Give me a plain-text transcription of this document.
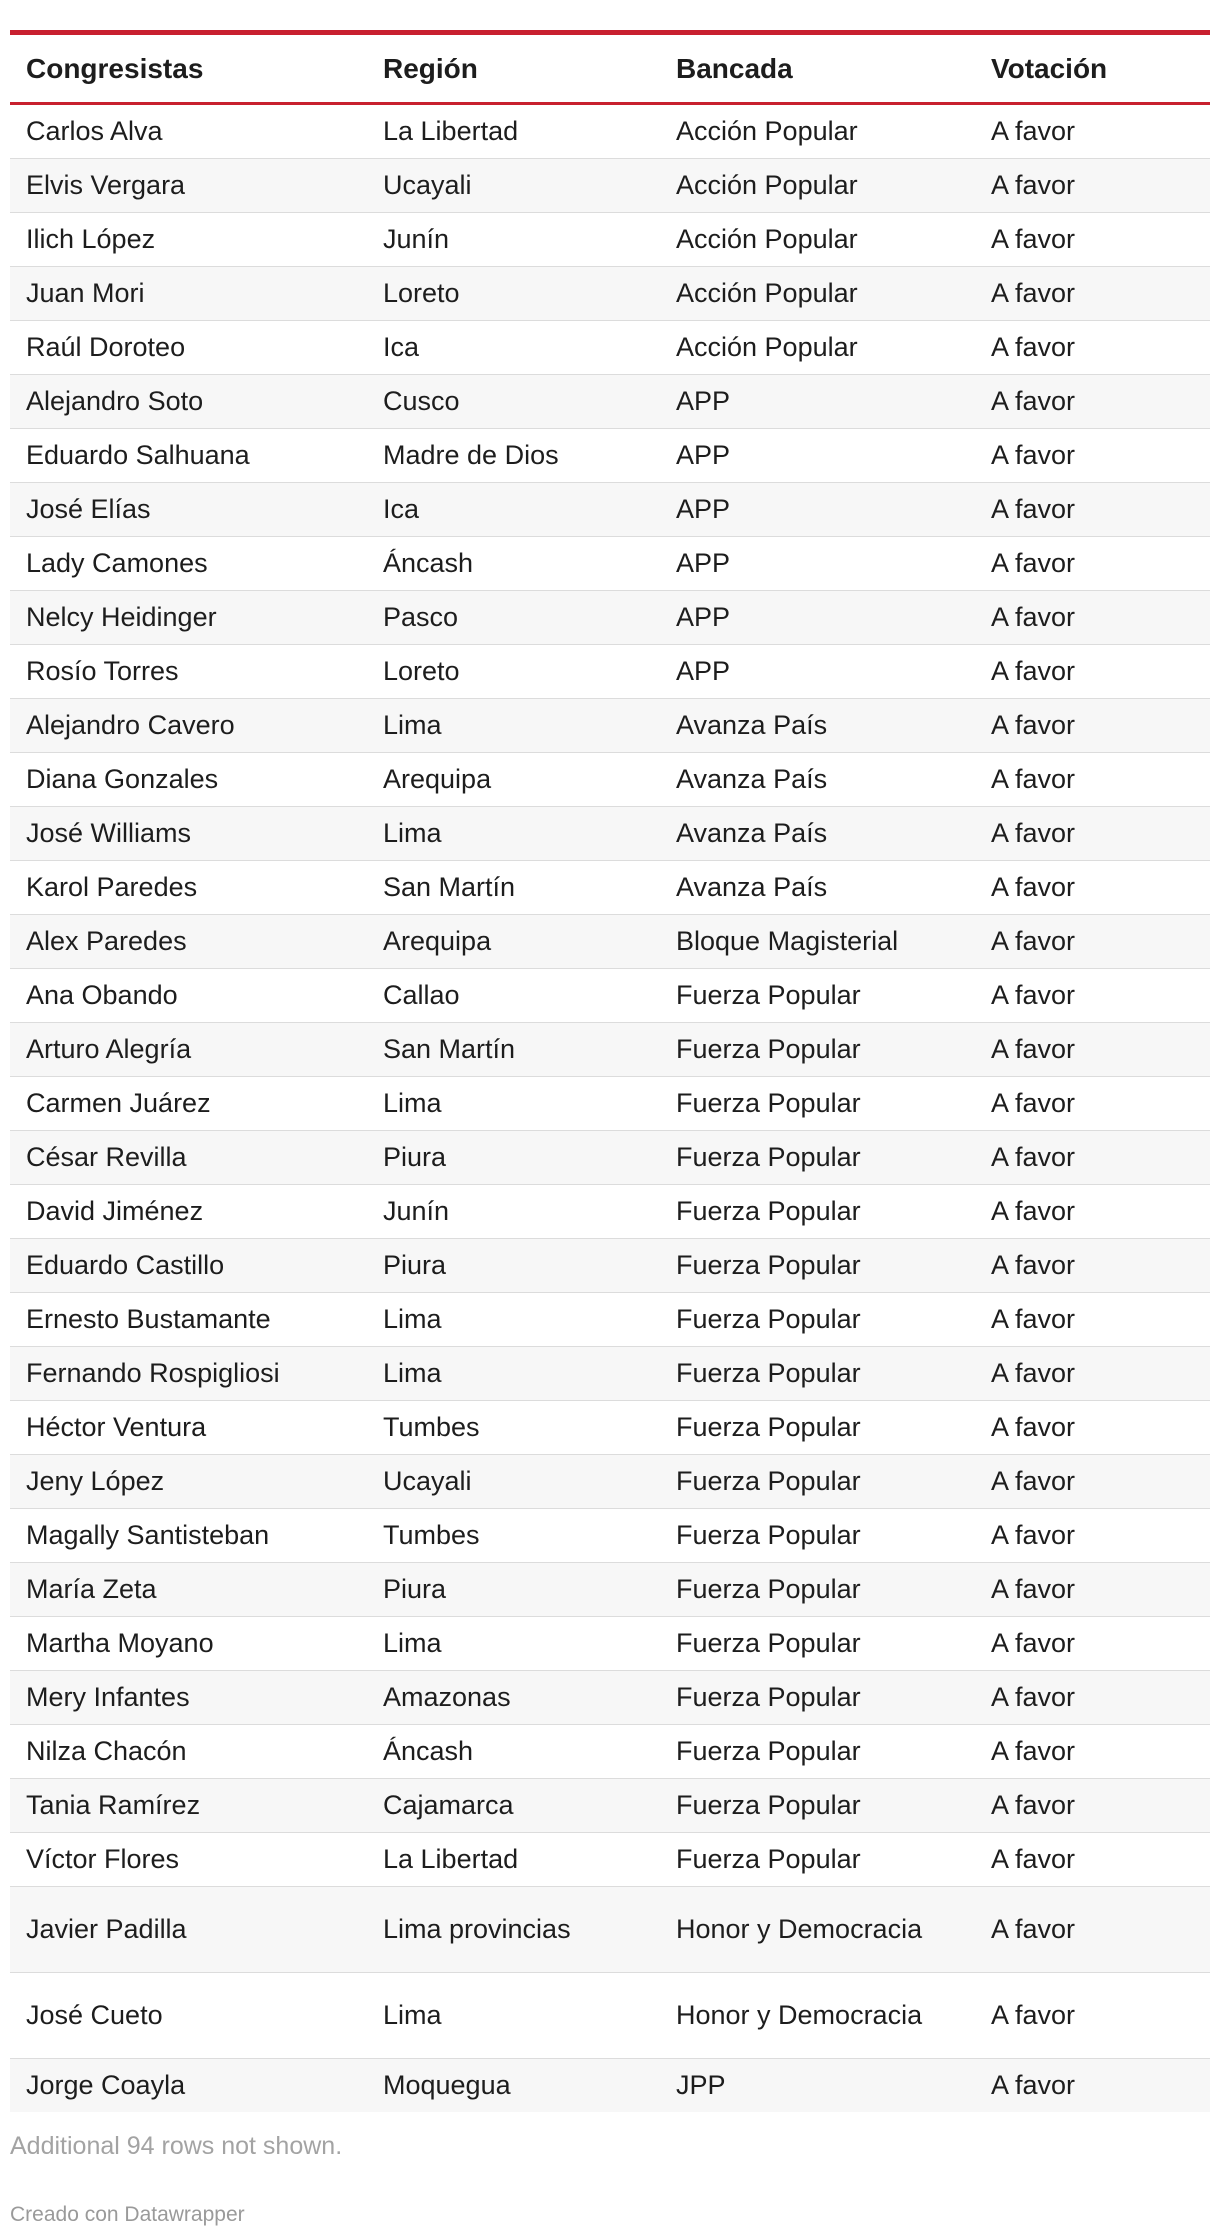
Congresistas	Región	Bancada	Votación
Carlos Alva	La Libertad	Acción Popular	A favor
Elvis Vergara	Ucayali	Acción Popular	A favor
Ilich López	Junín	Acción Popular	A favor
Juan Mori	Loreto	Acción Popular	A favor
Raúl Doroteo	Ica	Acción Popular	A favor
Alejandro Soto	Cusco	APP	A favor
Eduardo Salhuana	Madre de Dios	APP	A favor
José Elías	Ica	APP	A favor
Lady Camones	Áncash	APP	A favor
Nelcy Heidinger	Pasco	APP	A favor
Rosío Torres	Loreto	APP	A favor
Alejandro Cavero	Lima	Avanza País	A favor
Diana Gonzales	Arequipa	Avanza País	A favor
José Williams	Lima	Avanza País	A favor
Karol Paredes	San Martín	Avanza País	A favor
Alex Paredes	Arequipa	Bloque Magisterial	A favor
Ana Obando	Callao	Fuerza Popular	A favor
Arturo Alegría	San Martín	Fuerza Popular	A favor
Carmen Juárez	Lima	Fuerza Popular	A favor
César Revilla	Piura	Fuerza Popular	A favor
David Jiménez	Junín	Fuerza Popular	A favor
Eduardo Castillo	Piura	Fuerza Popular	A favor
Ernesto Bustamante	Lima	Fuerza Popular	A favor
Fernando Rospigliosi	Lima	Fuerza Popular	A favor
Héctor Ventura	Tumbes	Fuerza Popular	A favor
Jeny López	Ucayali	Fuerza Popular	A favor
Magally Santisteban	Tumbes	Fuerza Popular	A favor
María Zeta	Piura	Fuerza Popular	A favor
Martha Moyano	Lima	Fuerza Popular	A favor
Mery Infantes	Amazonas	Fuerza Popular	A favor
Nilza Chacón	Áncash	Fuerza Popular	A favor
Tania Ramírez	Cajamarca	Fuerza Popular	A favor
Víctor Flores	La Libertad	Fuerza Popular	A favor
Javier Padilla	Lima provincias	Honor y Democracia	A favor
José Cueto	Lima	Honor y Democracia	A favor
Jorge Coayla	Moquegua	JPP	A favor
Additional 94 rows not shown.
Creado con Datawrapper
